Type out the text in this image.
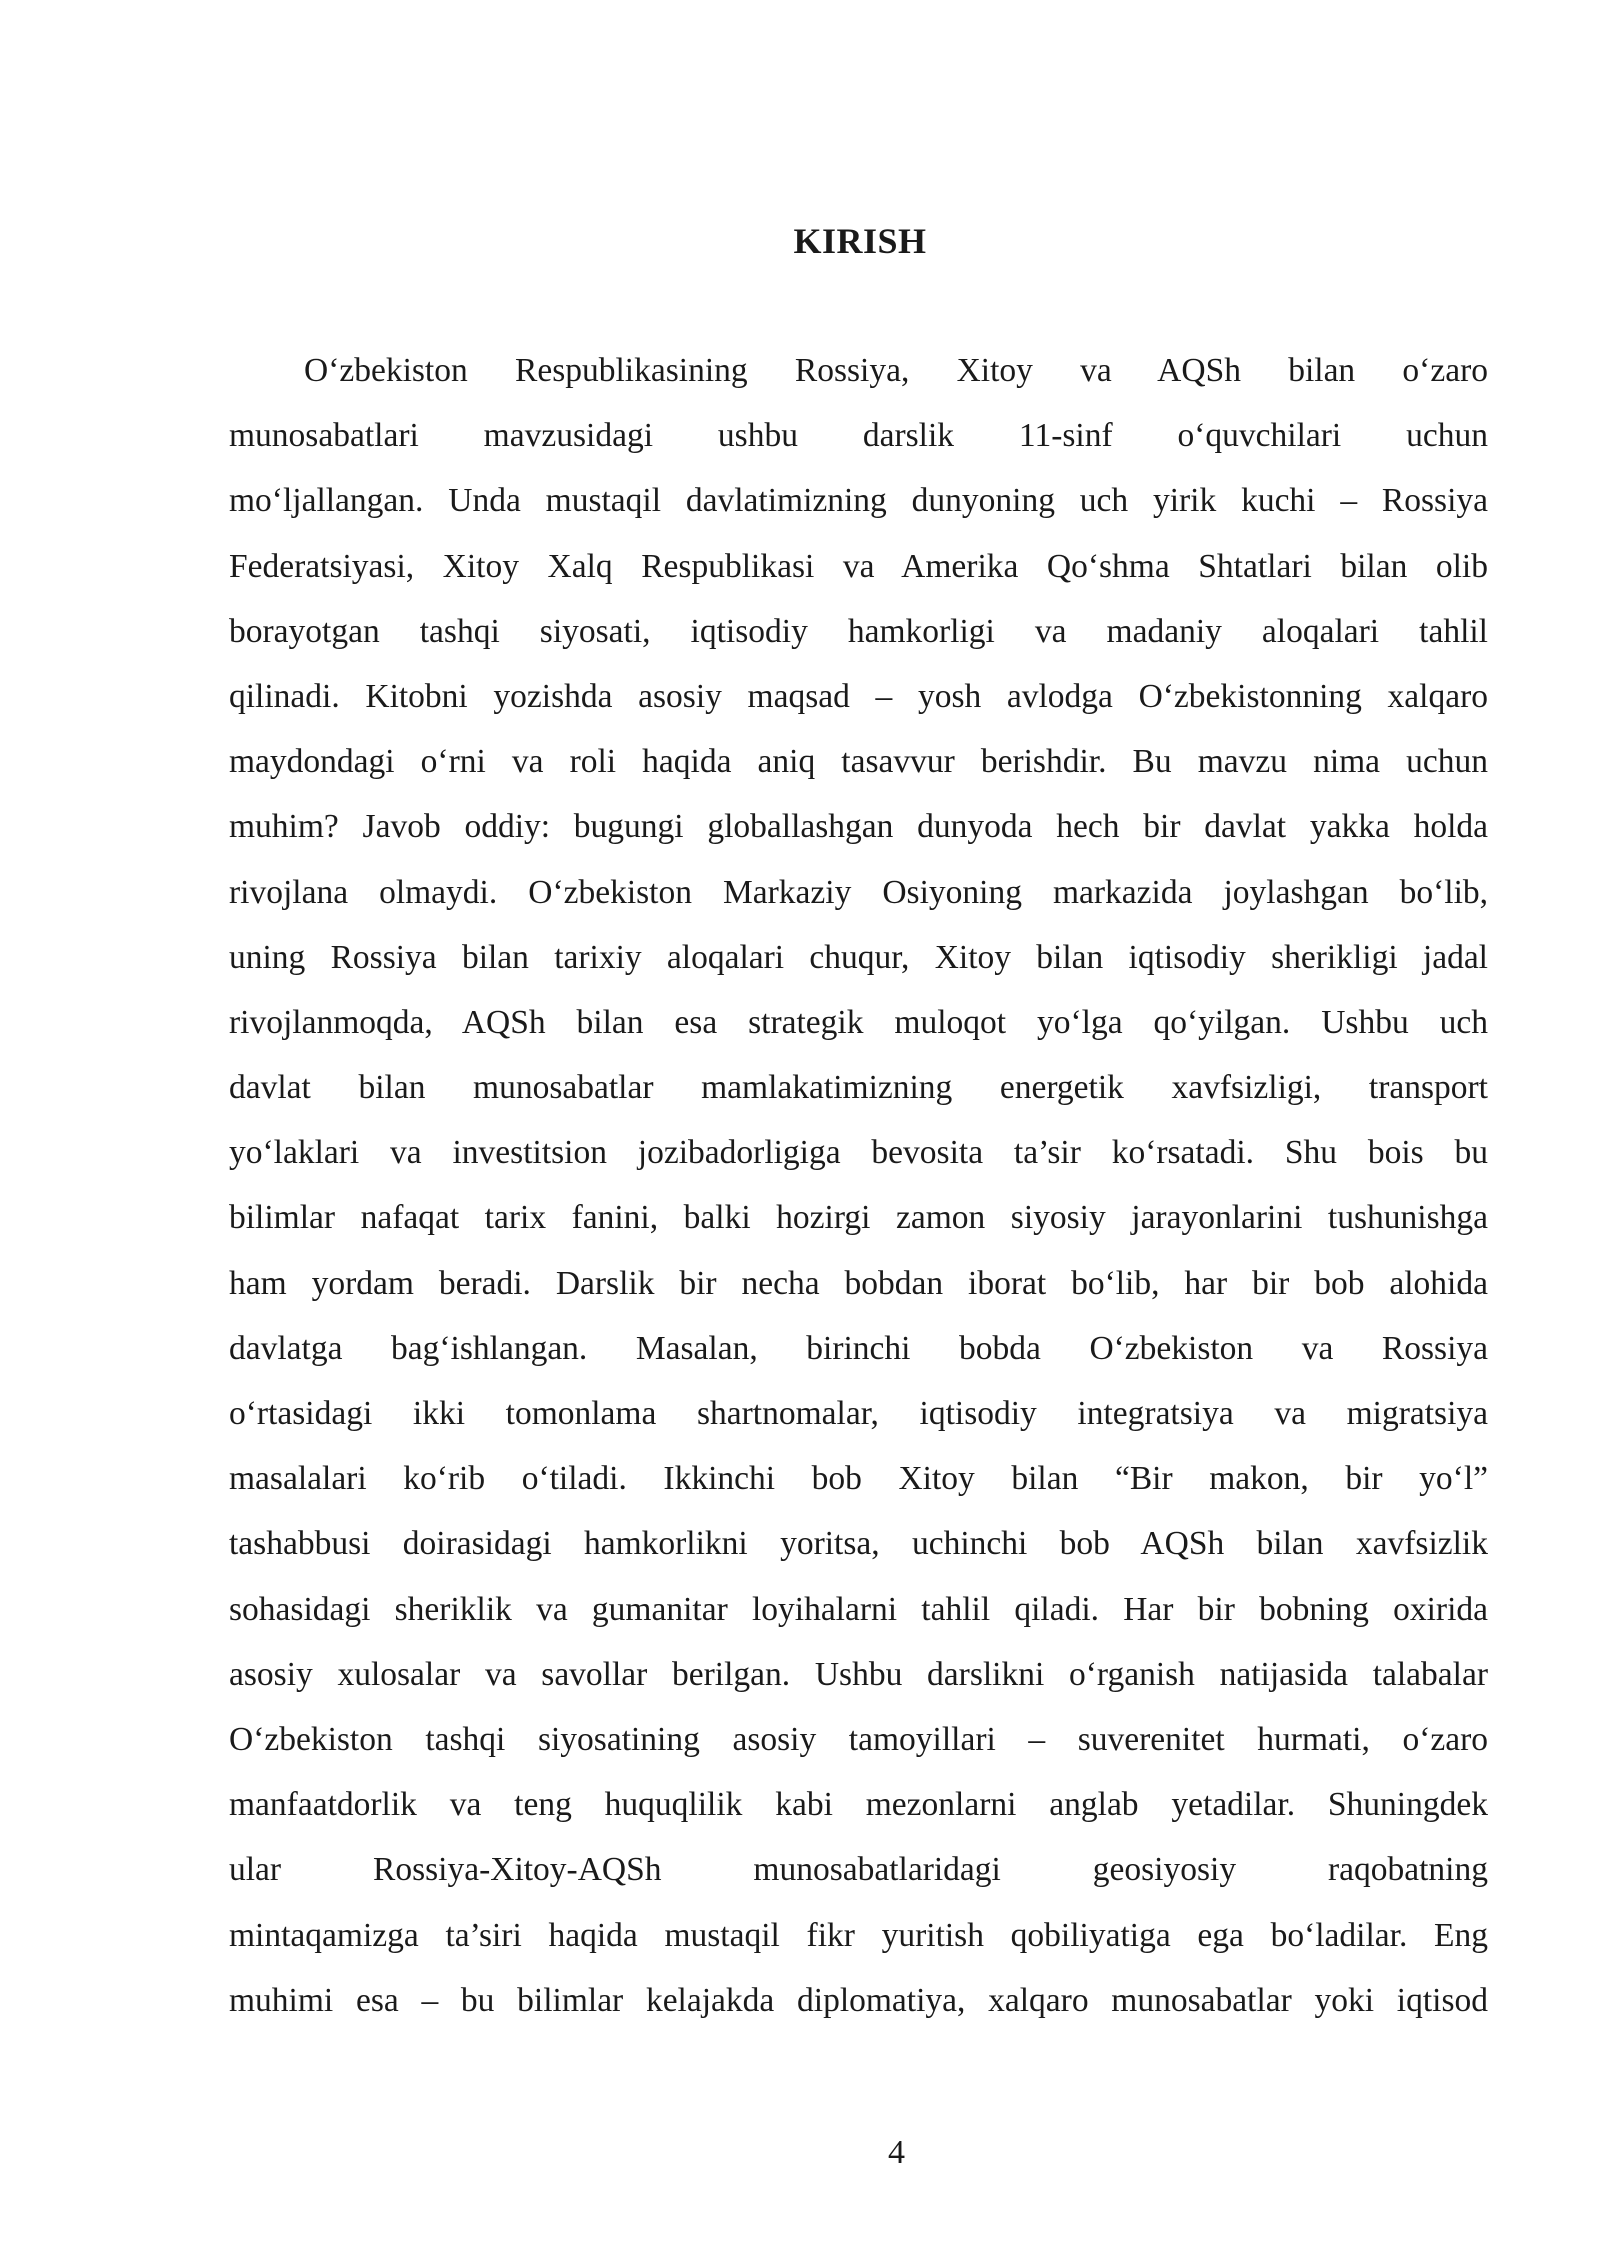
KIRISH
O‘zbekiston Respublikasining Rossiya, Xitoy va AQSh bilan o‘zaro
munosabatlari mavzusidagi ushbu darslik 11-sinf o‘quvchilari uchun
mo‘ljallangan. Unda mustaqil davlatimizning dunyoning uch yirik kuchi – Rossiya
Federatsiyasi, Xitoy Xalq Respublikasi va Amerika Qo‘shma Shtatlari bilan olib
borayotgan tashqi siyosati, iqtisodiy hamkorligi va madaniy aloqalari tahlil
qilinadi. Kitobni yozishda asosiy maqsad – yosh avlodga O‘zbekistonning xalqaro
maydondagi o‘rni va roli haqida aniq tasavvur berishdir. Bu mavzu nima uchun
muhim? Javob oddiy: bugungi globallashgan dunyoda hech bir davlat yakka holda
rivojlana olmaydi. O‘zbekiston Markaziy Osiyoning markazida joylashgan bo‘lib,
uning Rossiya bilan tarixiy aloqalari chuqur, Xitoy bilan iqtisodiy sherikligi jadal
rivojlanmoqda, AQSh bilan esa strategik muloqot yo‘lga qo‘yilgan. Ushbu uch
davlat bilan munosabatlar mamlakatimizning energetik xavfsizligi, transport
yo‘laklari va investitsion jozibadorligiga bevosita ta’sir ko‘rsatadi. Shu bois bu
bilimlar nafaqat tarix fanini, balki hozirgi zamon siyosiy jarayonlarini tushunishga
ham yordam beradi. Darslik bir necha bobdan iborat bo‘lib, har bir bob alohida
davlatga bag‘ishlangan. Masalan, birinchi bobda O‘zbekiston va Rossiya
o‘rtasidagi ikki tomonlama shartnomalar, iqtisodiy integratsiya va migratsiya
masalalari ko‘rib o‘tiladi. Ikkinchi bob Xitoy bilan “Bir makon, bir yo‘l”
tashabbusi doirasidagi hamkorlikni yoritsa, uchinchi bob AQSh bilan xavfsizlik
sohasidagi sheriklik va gumanitar loyihalarni tahlil qiladi. Har bir bobning oxirida
asosiy xulosalar va savollar berilgan. Ushbu darslikni o‘rganish natijasida talabalar
O‘zbekiston tashqi siyosatining asosiy tamoyillari – suverenitet hurmati, o‘zaro
manfaatdorlik va teng huquqlilik kabi mezonlarni anglab yetadilar. Shuningdek
ular Rossiya-Xitoy-AQSh munosabatlaridagi geosiyosiy raqobatning
mintaqamizga ta’siri haqida mustaqil fikr yuritish qobiliyatiga ega bo‘ladilar. Eng
muhimi esa – bu bilimlar kelajakda diplomatiya, xalqaro munosabatlar yoki iqtisod

4
